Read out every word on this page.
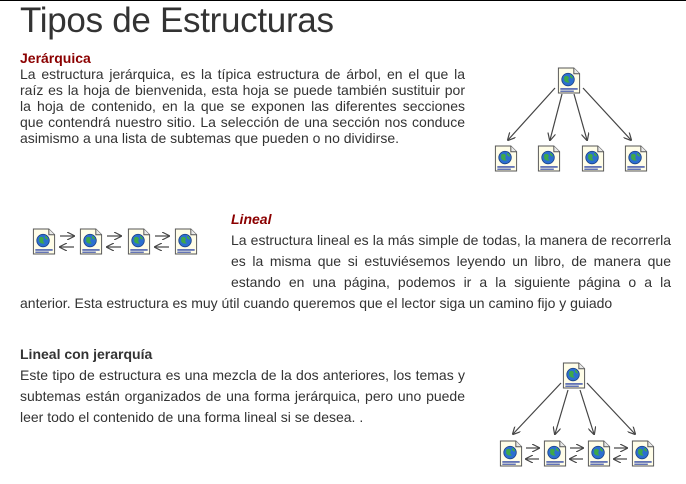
Tipos de Estructuras
Jerárquica

La estructura jerárquica, es la típica estructura de árbol, en el que la raíz es la hoja de bienvenida, esta hoja se puede también sustituir por la hoja de contenido, en la que se exponen las diferentes secciones que contendrá nuestro sitio. La selección de una sección nos conduce asimismo a una lista de subtemas que pueden o no dividirse.

Lineal
La estructura lineal es la más simple de todas, la manera de recorrerla es la misma que si estuviésemos leyendo un libro, de manera que estando en una página, podemos ir a la siguiente página o a la anterior. Esta estructura es muy útil cuando queremos que el lector siga un camino fijo y guiado
Lineal con jerarquía

Este tipo de estructura es una mezcla de la dos anteriores, los temas y subtemas están organizados de una forma jerárquica, pero uno puede leer todo el contenido de una forma lineal si se desea. .
